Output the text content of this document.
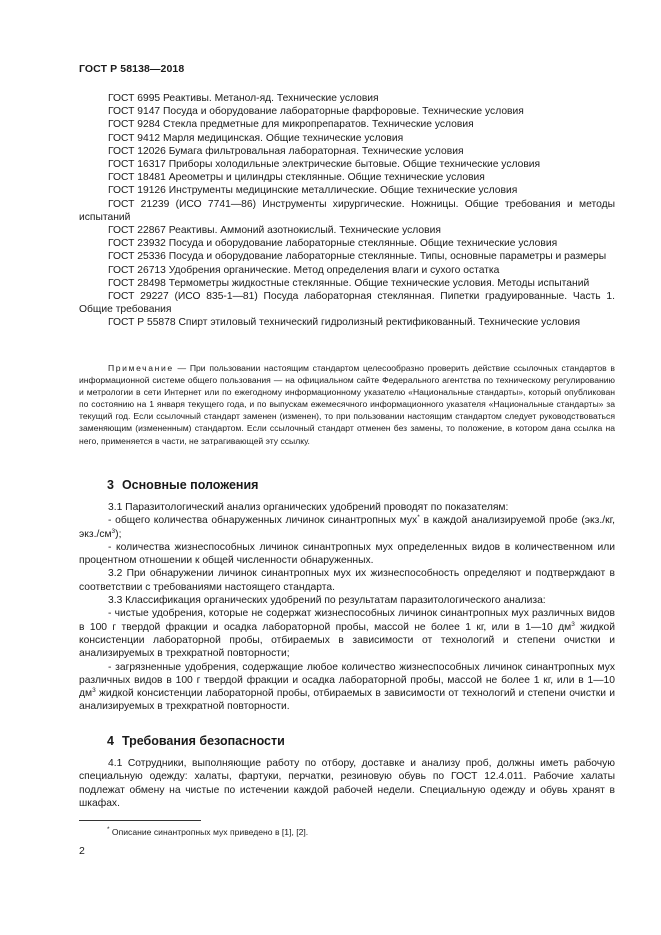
ГОСТ Р 58138—2018
ГОСТ 6995 Реактивы. Метанол-яд. Технические условия
ГОСТ 9147 Посуда и оборудование лабораторные фарфоровые. Технические условия
ГОСТ 9284 Стекла предметные для микропрепаратов. Технические условия
ГОСТ 9412 Марля медицинская. Общие технические условия
ГОСТ 12026 Бумага фильтровальная лабораторная. Технические условия
ГОСТ 16317 Приборы холодильные электрические бытовые. Общие технические условия
ГОСТ 18481 Ареометры и цилиндры стеклянные. Общие технические условия
ГОСТ 19126 Инструменты медицинские металлические. Общие технические условия
ГОСТ 21239 (ИСО 7741—86) Инструменты хирургические. Ножницы. Общие требования и методы испытаний
ГОСТ 22867 Реактивы. Аммоний азотнокислый. Технические условия
ГОСТ 23932 Посуда и оборудование лабораторные стеклянные. Общие технические условия
ГОСТ 25336 Посуда и оборудование лабораторные стеклянные. Типы, основные параметры и размеры
ГОСТ 26713 Удобрения органические. Метод определения влаги и сухого остатка
ГОСТ 28498 Термометры жидкостные стеклянные. Общие технические условия. Методы испытаний
ГОСТ 29227 (ИСО 835-1—81) Посуда лабораторная стеклянная. Пипетки градуированные. Часть 1. Общие требования
ГОСТ Р 55878 Спирт этиловый технический гидролизный ректификованный. Технические условия
Примечание — При пользовании настоящим стандартом целесообразно проверить действие ссылочных стандартов в информационной системе общего пользования — на официальном сайте Федерального агентства по техническому регулированию и метрологии в сети Интернет или по ежегодному информационному указателю «Национальные стандарты», который опубликован по состоянию на 1 января текущего года, и по выпускам ежемесячного информационного указателя «Национальные стандарты» за текущий год. Если ссылочный стандарт заменен (изменен), то при пользовании настоящим стандартом следует руководствоваться заменяющим (измененным) стандартом. Если ссылочный стандарт отменен без замены, то положение, в котором дана ссылка на него, применяется в части, не затрагивающей эту ссылку.
3 Основные положения

3.1 Паразитологический анализ органических удобрений проводят по показателям:

- общего количества обнаруженных личинок синантропных мух* в каждой анализируемой пробе (экз./кг, $экз./см^3$);

- количества жизнеспособных личинок синантропных мух определенных видов в количественном или процентном отношении к общей численности обнаруженных.

3.2 При обнаружении личинок синантропных мух их жизнеспособность определяют и подтверждают в соответствии с требованиями настоящего стандарта.

3.3 Классификация органических удобрений по результатам паразитологического анализа:

- чистые удобрения, которые не содержат жизнеспособных личинок синантропных мух различных видов в 100 г твердой фракции и осадка лабораторной пробы, массой не более 1 кг, или в 1—10 $дм^3$ жидкой консистенции лабораторной пробы, отбираемых в зависимости от технологий и степени очистки и анализируемых в трехкратной повторности;

- загрязненные удобрения, содержащие любое количество жизнеспособных личинок синантропных мух различных видов в 100 г твердой фракции и осадка лабораторной пробы, массой не более 1 кг, или в 1—10 $дм^3$ жидкой консистенции лабораторной пробы, отбираемых в зависимости от технологий и степени очистки и анализируемых в трехкратной повторности.

4 Требования безопасности

4.1 Сотрудники, выполняющие работу по отбору, доставке и анализу проб, должны иметь рабочую специальную одежду: халаты, фартуки, перчатки, резиновую обувь по ГОСТ 12.4.011. Рабочие халаты подлежат обмену на чистые по истечении каждой рабочей недели. Специальную одежду и обувь хранят в шкафах.

* Описание синантропных мух приведено в [1], [2].
2
